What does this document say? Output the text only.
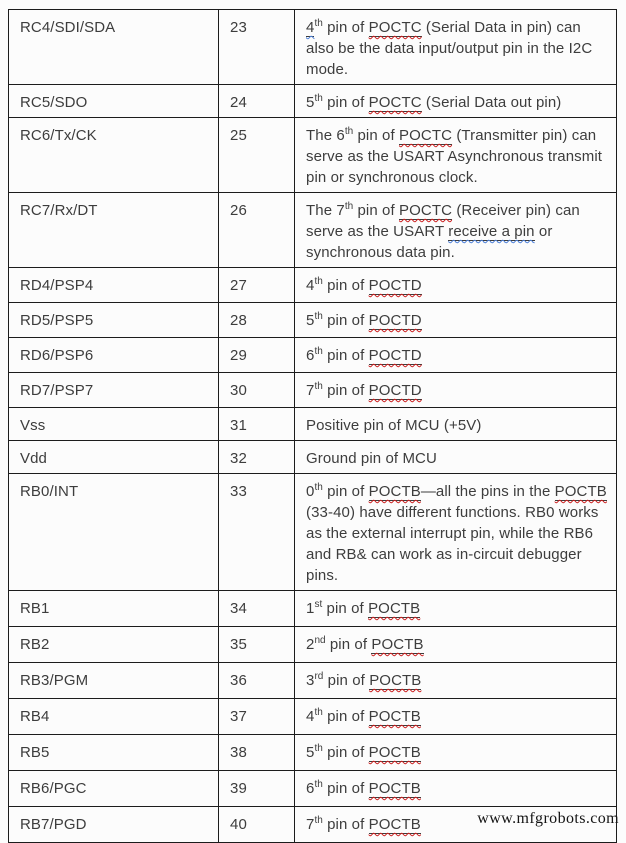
RC4/SDI/SDA	23	4th pin of POCTC (Serial Data in pin) can also be the data input/output pin in the I2C mode.
RC5/SDO	24	5th pin of POCTC (Serial Data out pin)
RC6/Tx/CK	25	The 6th pin of POCTC (Transmitter pin) can serve as the USART Asynchronous transmit pin or synchronous clock.
RC7/Rx/DT	26	The 7th pin of POCTC (Receiver pin) can serve as the USART receive a pin or synchronous data pin.
RD4/PSP4	27	4th pin of POCTD
RD5/PSP5	28	5th pin of POCTD
RD6/PSP6	29	6th pin of POCTD
RD7/PSP7	30	7th pin of POCTD
Vss	31	Positive pin of MCU (+5V)
Vdd	32	Ground pin of MCU
RB0/INT	33	0th pin of POCTB—all the pins in the POCTB (33-40) have different functions. RB0 works as the external interrupt pin, while the RB6 and RB& can work as in-circuit debugger pins.
RB1	34	1st pin of POCTB
RB2	35	2nd pin of POCTB
RB3/PGM	36	3rd pin of POCTB
RB4	37	4th pin of POCTB
RB5	38	5th pin of POCTB
RB6/PGC	39	6th pin of POCTB
RB7/PGD	40	7th pin of POCTB	www.mfgrobots.com
